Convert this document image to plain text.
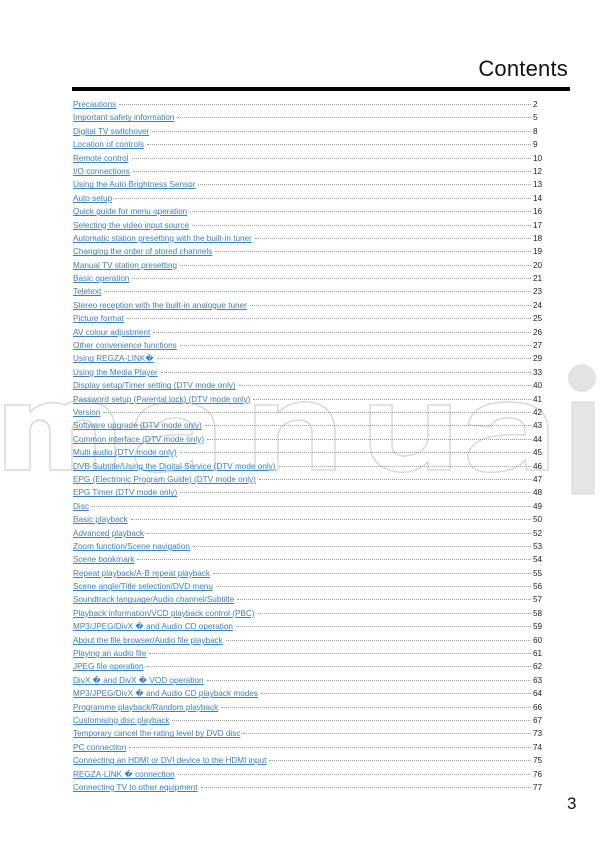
Contents
Precautions	2
Important safety information	5
Digital TV switchover	8
Location of controls	9
Remote control	10
I/O connections	12
Using the Auto Brightness Sensor	13
Auto setup	14
Quick guide for menu operation	16
Selecting the video input source	17
Automatic station presetting with the built-in tuner	18
Changing the order of stored channels	19
Manual TV station presetting	20
Basic operation	21
Teletext	23
Stereo reception with the built-in analogue tuner	24
Picture format	25
AV colour adjustment	26
Other convenience functions	27
Using REGZA-LINK�	29
Using the Media Player	33
Display setup/Timer setting (DTV mode only)	40
Password setup (Parental lock) (DTV mode only)	41
Version	42
Software upgrade (DTV mode only)	43
Common interface (DTV mode only)	44
Multi audio (DTV mode only)	45
DVB-Subtitle/Using the Digital Service (DTV mode only)	46
EPG (Electronic Program Guide) (DTV mode only)	47
EPG Timer (DTV mode only)	48
Disc	49
Basic playback	50
Advanced playback	52
Zoom function/Scene navigation	53
Scene bookmark	54
Repeat playback/A-B repeat playback	55
Scene angle/Title selection/DVD menu	56
Soundtrack language/Audio channel/Subtitle	57
Playback information/VCD playback control (PBC)	58
MP3/JPEG/DivX � and Audio CD operation	59
About the file browser/Audio file playback	60
Playing an audio file	61
JPEG file operation	62
DivX � and DivX � VOD operation	63
MP3/JPEG/DivX � and Audio CD playback modes	64
Programme playback/Random playback	66
Customising disc playback	67
Temporary cancel the rating level by DVD disc	73
PC connection	74
Connecting an HDMI or DVI device to the HDMI input	75
REGZA-LINK � connection	76
Connecting TV to other equipment	77
3
